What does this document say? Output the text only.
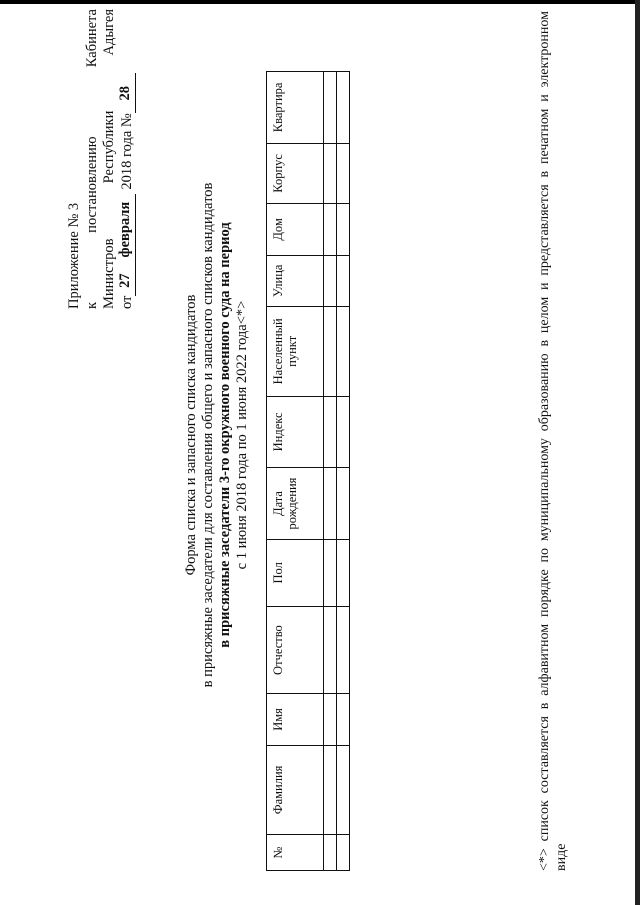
Приложение № 3 к
постановлению
Кабинета
Министров
Республики
Адыгея
от
27
февраля
2018 года №
28
Форма списка и запасного списка кандидатов в присяжные заседатели для составления общего и запасного списков кандидатов в присяжные заседатели 3-го окружного военного суда на период с 1 июня 2018 года по 1 июня 2022 года<*>
№	Фамилия	Имя	Отчество	Пол	Дата рождения	Индекс	Населенный пункт	Улица	Дом	Корпус	Квартира

												<*> список составляется в алфавитном порядке по муниципальному образованию в целом и представляется в печатном и электронном виде
